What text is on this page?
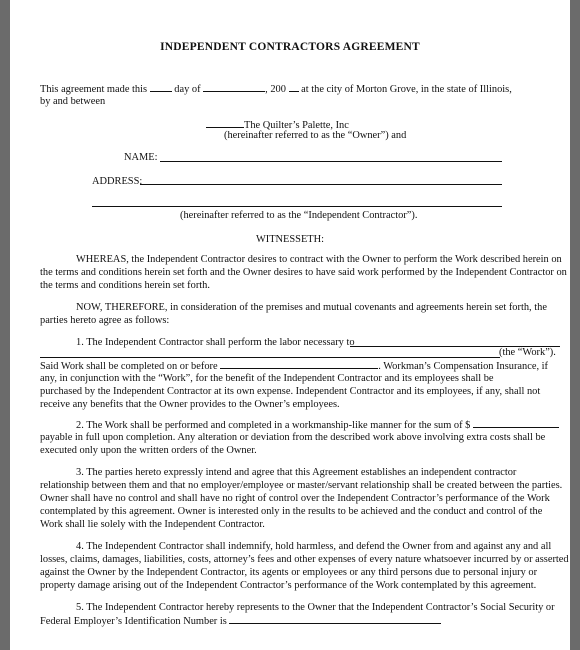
INDEPENDENT CONTRACTORS AGREEMENT
This agreement made this	day of	, 200 at the city of Morton Grove, in the state of Illinois,
by and between
The Quilter’s Palette, Inc
(hereinafter referred to as the “Owner”) and
NAME:
ADDRESS:
(hereinafter referred to as the “Independent Contractor”).
WITNESSETH:
WHEREAS, the Independent Contractor desires to contract with the Owner to perform the Work described herein on
the terms and conditions herein set forth and the Owner desires to have said work performed by the Independent Contractor on
the terms and conditions herein set forth.
NOW, THEREFORE, in consideration of the premises and mutual covenants and agreements herein set forth, the
parties hereto agree as follows:
1. The Independent Contractor shall perform the labor necessary to
(the “Work”).
Said Work shall be completed on or before	. Workman’s Compensation Insurance, if
any, in conjunction with the “Work”, for the benefit of the Independent Contractor and its employees shall be
purchased by the Independent Contractor at its own expense. Independent Contractor and its employees, if any, shall not
receive any benefits that the Owner provides to the Owner’s employees.
2. The Work shall be performed and completed in a workmanship-like manner for the sum of $
payable in full upon completion. Any alteration or deviation from the described work above involving extra costs shall be
executed only upon the written orders of the Owner.
3. The parties hereto expressly intend and agree that this Agreement establishes an independent contractor
relationship between them and that no employer/employee or master/servant relationship shall be created between the parties.
Owner shall have no control and shall have no right of control over the Independent Contractor’s performance of the Work
contemplated by this agreement. Owner is interested only in the results to be achieved and the conduct and control of the
Work shall lie solely with the Independent Contractor.
4. The Independent Contractor shall indemnify, hold harmless, and defend the Owner from and against any and all
losses, claims, damages, liabilities, costs, attorney’s fees and other expenses of every nature whatsoever incurred by or asserted
against the Owner by the Independent Contractor, its agents or employees or any third persons due to personal injury or
property damage arising out of the Independent Contractor’s performance of the Work contemplated by this agreement.
5. The Independent Contractor hereby represents to the Owner that the Independent Contractor’s Social Security or
Federal Employer’s Identification Number is
